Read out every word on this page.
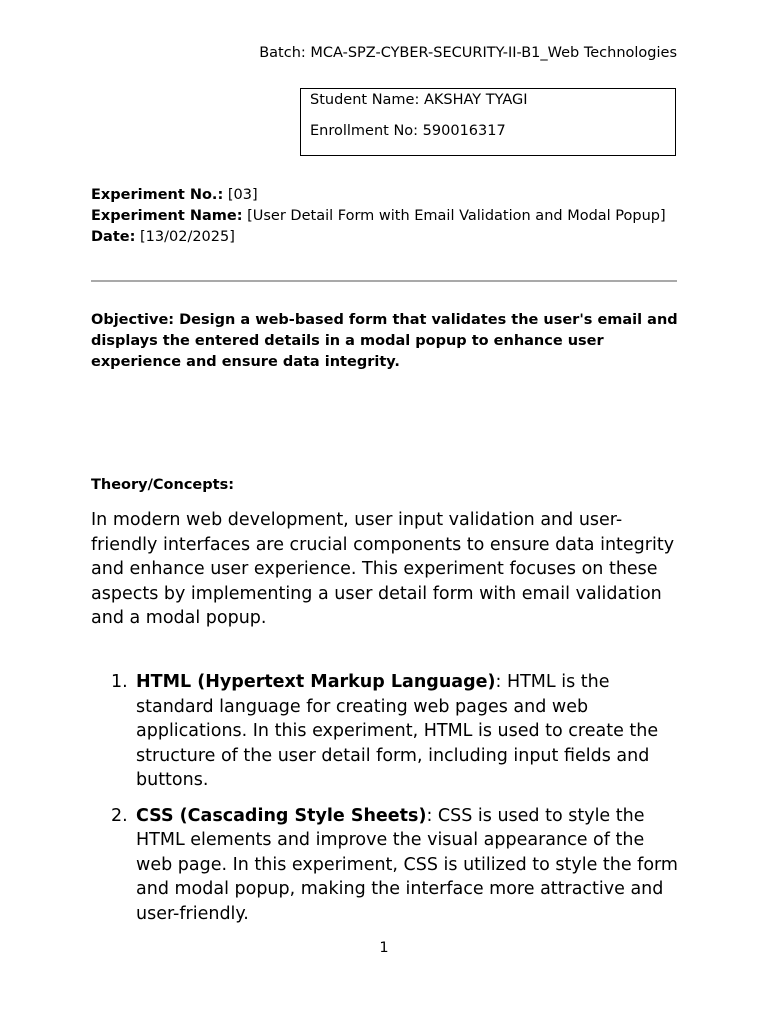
Batch: MCA-SPZ-CYBER-SECURITY-II-B1_Web Technologies
Student Name: AKSHAY TYAGI
Enrollment No: 590016317
Experiment No.: [03]
Experiment Name: [User Detail Form with Email Validation and Modal Popup]
Date: [13/02/2025]
Objective: Design a web-based form that validates the user's email and displays the entered details in a modal popup to enhance user experience and ensure data integrity.
Theory/Concepts:
In modern web development, user input validation and user-friendly interfaces are crucial components to ensure data integrity and enhance user experience. This experiment focuses on these aspects by implementing a user detail form with email validation and a modal popup.
1. HTML (Hypertext Markup Language): HTML is the standard language for creating web pages and web applications. In this experiment, HTML is used to create the structure of the user detail form, including input fields and buttons.
2. CSS (Cascading Style Sheets): CSS is used to style the HTML elements and improve the visual appearance of the web page. In this experiment, CSS is utilized to style the form and modal popup, making the interface more attractive and user-friendly.
1
